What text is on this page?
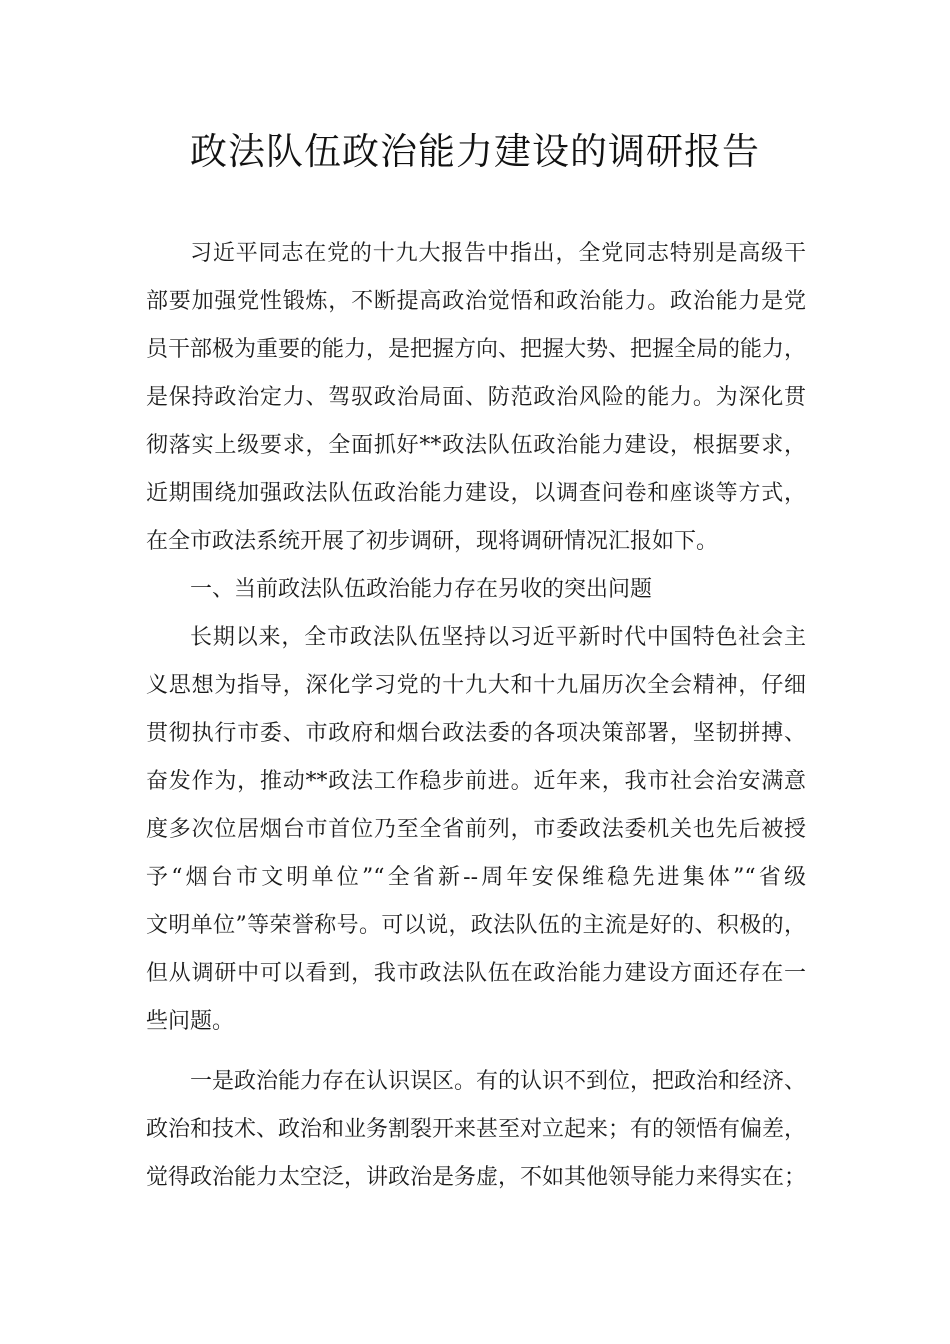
政法队伍政治能力建设的调研报告
习近平同志在党的十九大报告中指出，全党同志特别是高级干
部要加强党性锻炼，不断提高政治觉悟和政治能力。政治能力是党
员干部极为重要的能力，是把握方向、把握大势、把握全局的能力，
是保持政治定力、驾驭政治局面、防范政治风险的能力。为深化贯
彻落实上级要求，全面抓好**政法队伍政治能力建设，根据要求，
近期围绕加强政法队伍政治能力建设，以调查问卷和座谈等方式，
在全市政法系统开展了初步调研，现将调研情况汇报如下。
一、当前政法队伍政治能力存在另收的突出问题
长期以来，全市政法队伍坚持以习近平新时代中国特色社会主
义思想为指导，深化学习党的十九大和十九届历次全会精神，仔细
贯彻执行市委、市政府和烟台政法委的各项决策部署，坚韧拼搏、
奋发作为，推动**政法工作稳步前进。近年来，我市社会治安满意
度多次位居烟台市首位乃至全省前列，市委政法委机关也先后被授
予“烟台市文明单位”“全省新--周年安保维稳先进集体”“省级
文明单位”等荣誉称号。可以说，政法队伍的主流是好的、积极的，
但从调研中可以看到，我市政法队伍在政治能力建设方面还存在一
些问题。
一是政治能力存在认识误区。有的认识不到位，把政治和经济、
政治和技术、政治和业务割裂开来甚至对立起来；有的领悟有偏差，
觉得政治能力太空泛，讲政治是务虚，不如其他领导能力来得实在；
